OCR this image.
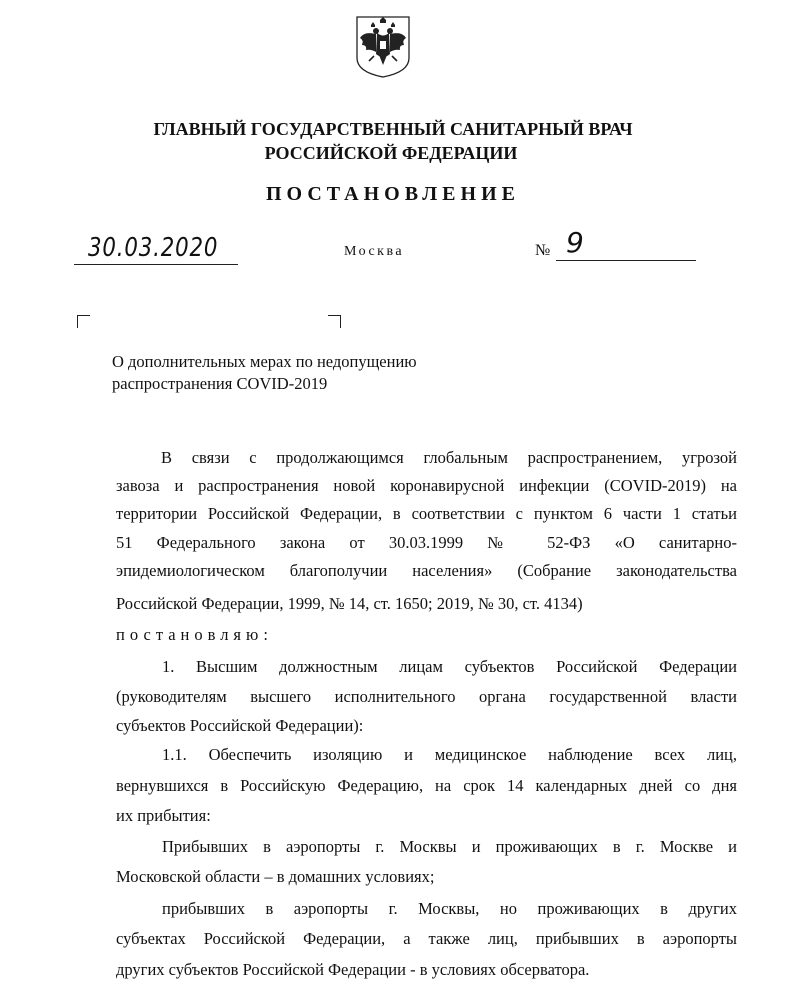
ГЛАВНЫЙ ГОСУДАРСТВЕННЫЙ САНИТАРНЫЙ ВРАЧ
РОССИЙСКОЙ ФЕДЕРАЦИИ
ПОСТАНОВЛЕНИЕ
30.03.2020	Москва	№ 9
О дополнительных мерах по недопущению
распространения COVID-2019
В связи с продолжающимся глобальным распространением, угрозой
завоза и распространения новой коронавирусной инфекции (COVID-2019) на
территории Российской Федерации, в соответствии с пунктом 6 части 1 статьи
51 Федерального закона от 30.03.1999 № 52-ФЗ «О санитарно-
эпидемиологическом благополучии населения» (Собрание законодательства
Российской Федерации, 1999, № 14, ст. 1650; 2019, № 30, ст. 4134)
постановляю:
1. Высшим должностным лицам субъектов Российской Федерации
(руководителям высшего исполнительного органа государственной власти
субъектов Российской Федерации):
1.1. Обеспечить изоляцию и медицинское наблюдение всех лиц,
вернувшихся в Российскую Федерацию, на срок 14 календарных дней со дня
их прибытия:
Прибывших в аэропорты г. Москвы и проживающих в г. Москве и
Московской области – в домашних условиях;
прибывших в аэропорты г. Москвы, но проживающих в других
субъектах Российской Федерации, а также лиц, прибывших в аэропорты
других субъектов Российской Федерации - в условиях обсерватора.
